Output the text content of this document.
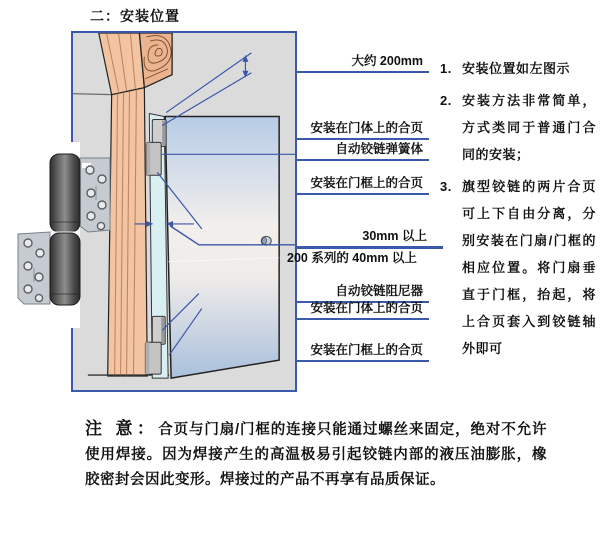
二：安装位置
大约 200mm
安装在门体上的合页
自动铰链弹簧体
安装在门框上的合页
30mm 以上
200 系列的 40mm 以上
自动铰链阻尼器
安装在门体上的合页
安装在门框上的合页
1. 安装位置如左图示
2. 安装方法非常简单，方式类同于普通门合同的安装；
3. 旗型铰链的两片合页可上下自由分离，分别安装在门扇/门框的相应位置。将门扇垂直于门框，抬起，将上合页套入到铰链轴外即可
注 意：合页与门扇/门框的连接只能通过螺丝来固定，绝对不允许使用焊接。因为焊接产生的高温极易引起铰链内部的液压油膨胀，橡胶密封会因此变形。焊接过的产品不再享有品质保证。
